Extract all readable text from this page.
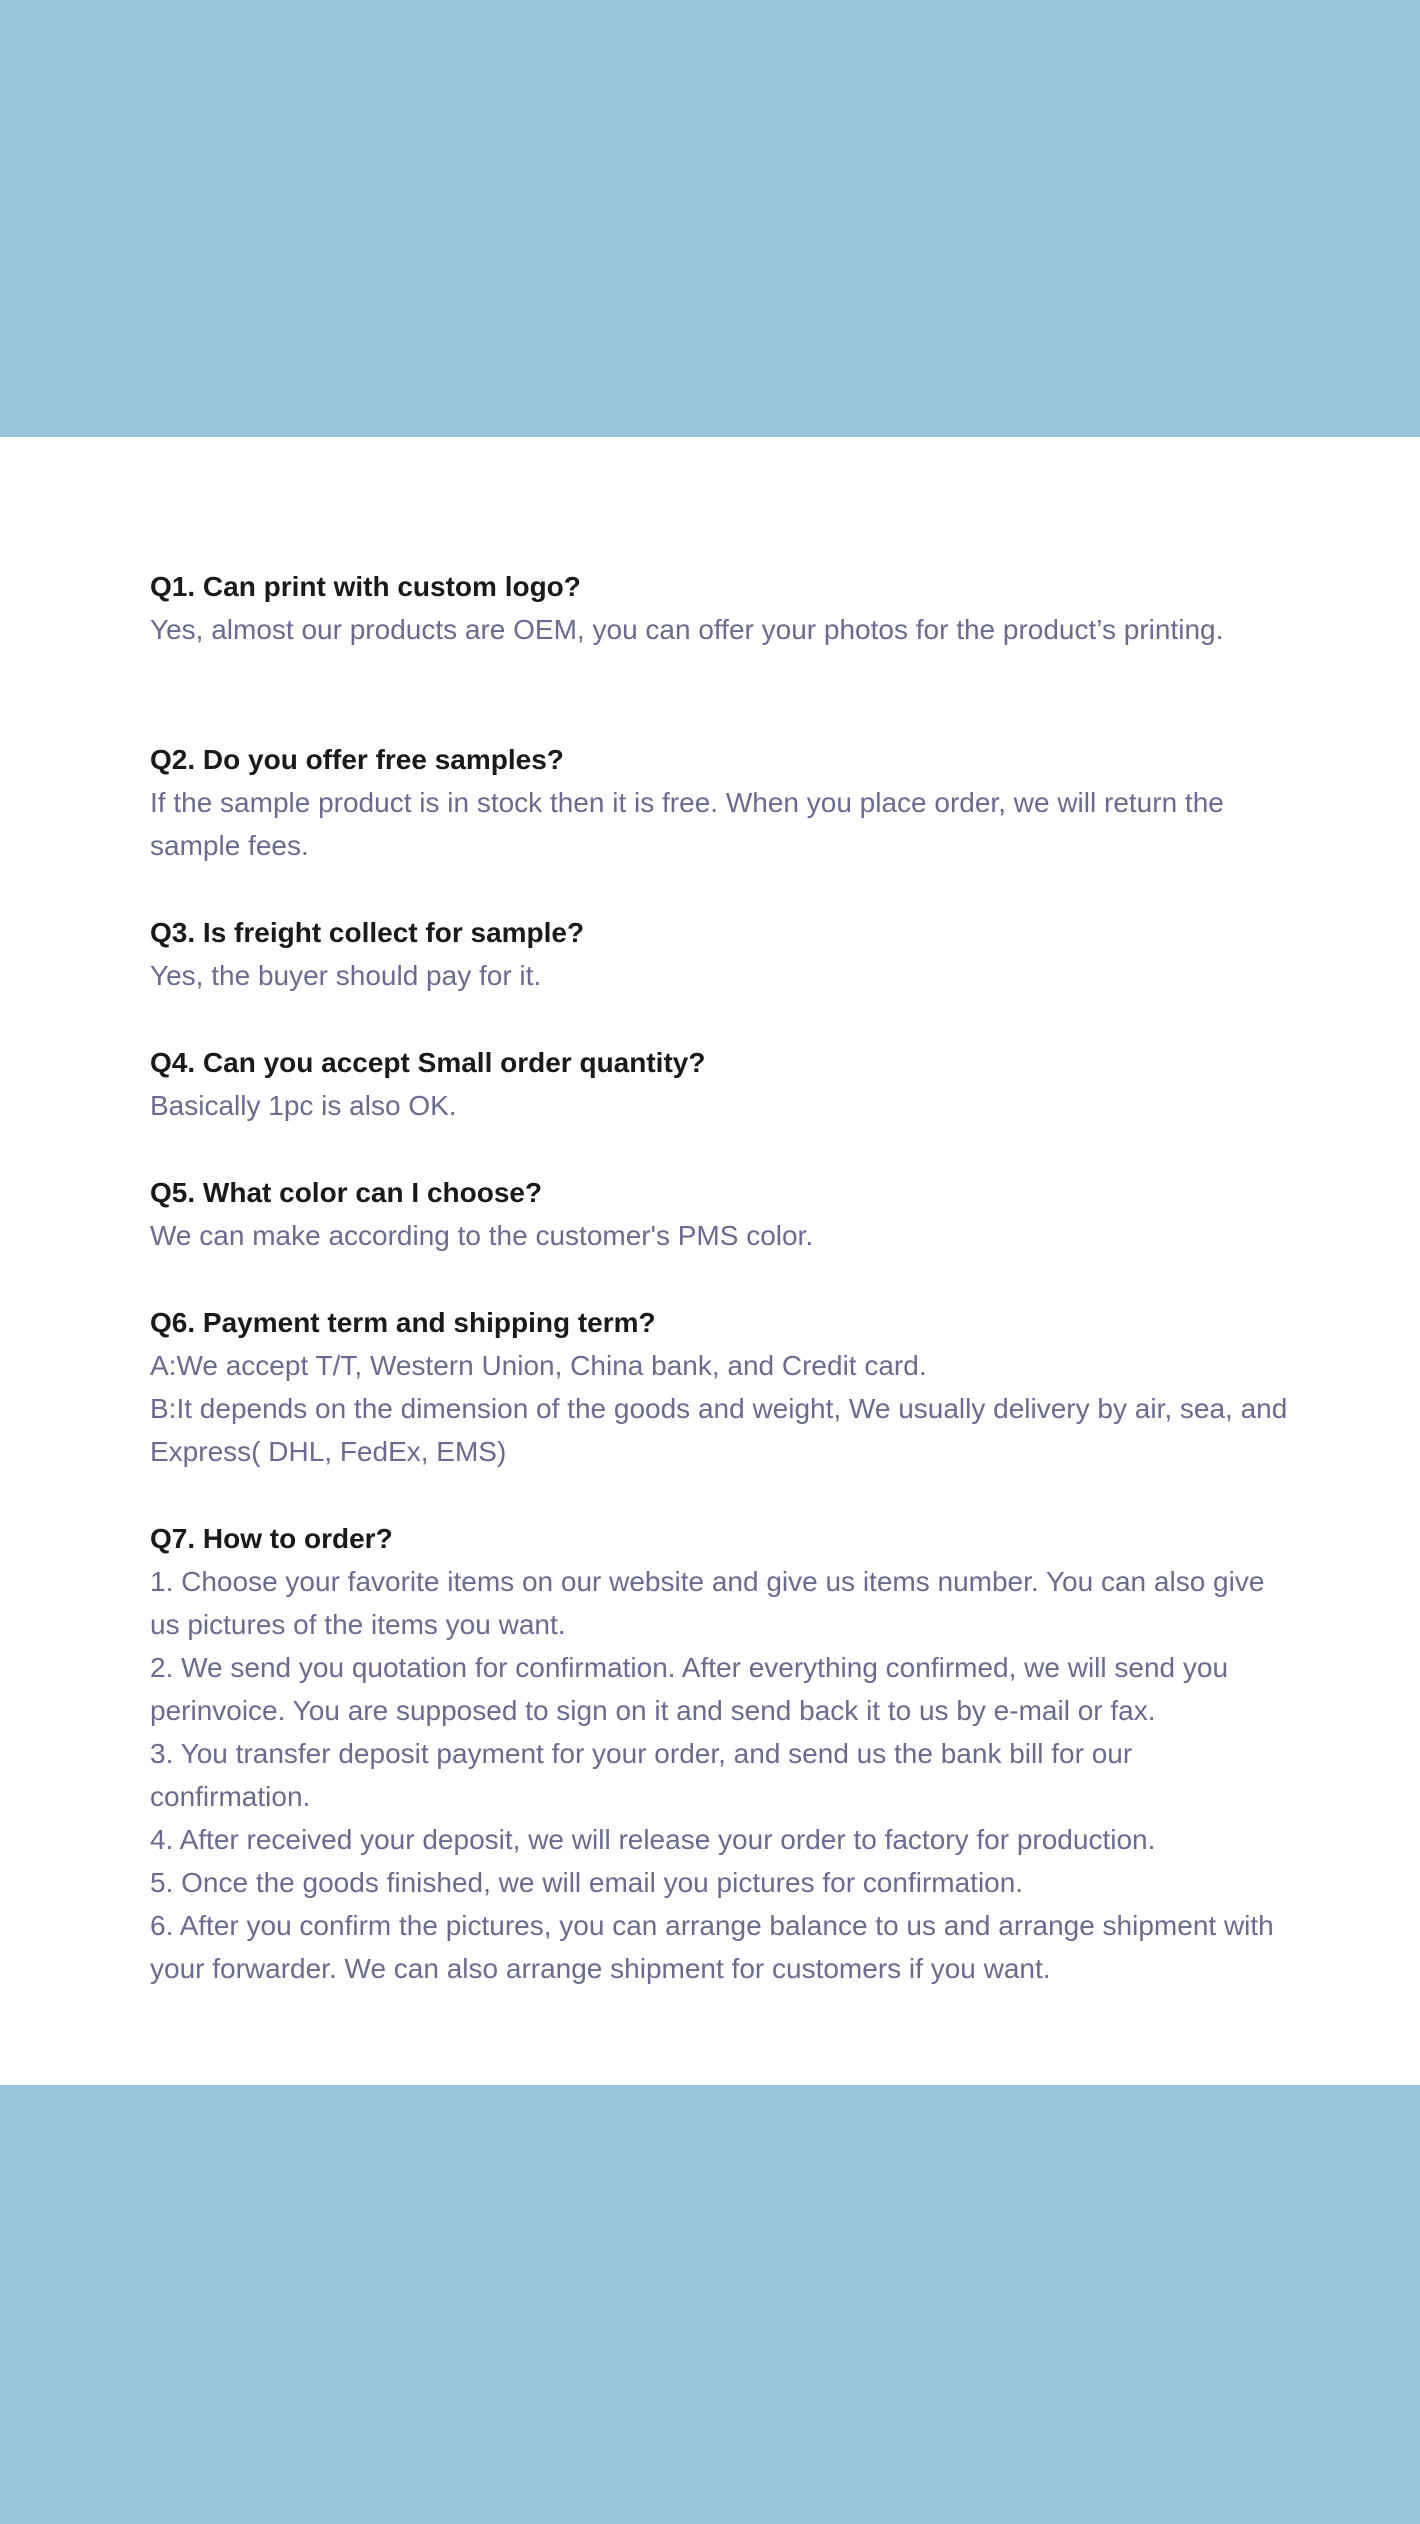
Q1. Can print with custom logo?

Yes, almost our products are OEM, you can offer your photos for the product’s printing.

Q2. Do you offer free samples?

If the sample product is in stock then it is free. When you place order, we will return the sample fees.

Q3. Is freight collect for sample?

Yes, the buyer should pay for it.

Q4. Can you accept Small order quantity?

Basically 1pc is also OK.

Q5. What color can I choose?

We can make according to the customer's PMS color.

Q6. Payment term and shipping term?

A:We accept T/T, Western Union, China bank, and Credit card.

B:It depends on the dimension of the goods and weight, We usually delivery by air, sea, and Express( DHL, FedEx, EMS)

Q7. How to order?

1. Choose your favorite items on our website and give us items number. You can also give us pictures of the items you want.

2. We send you quotation for confirmation. After everything confirmed, we will send you perinvoice. You are supposed to sign on it and send back it to us by e-mail or fax.

3. You transfer deposit payment for your order, and send us the bank bill for our confirmation.

4. After received your deposit, we will release your order to factory for production.

5. Once the goods finished, we will email you pictures for confirmation.

6. After you confirm the pictures, you can arrange balance to us and arrange shipment with your forwarder. We can also arrange shipment for customers if you want.
